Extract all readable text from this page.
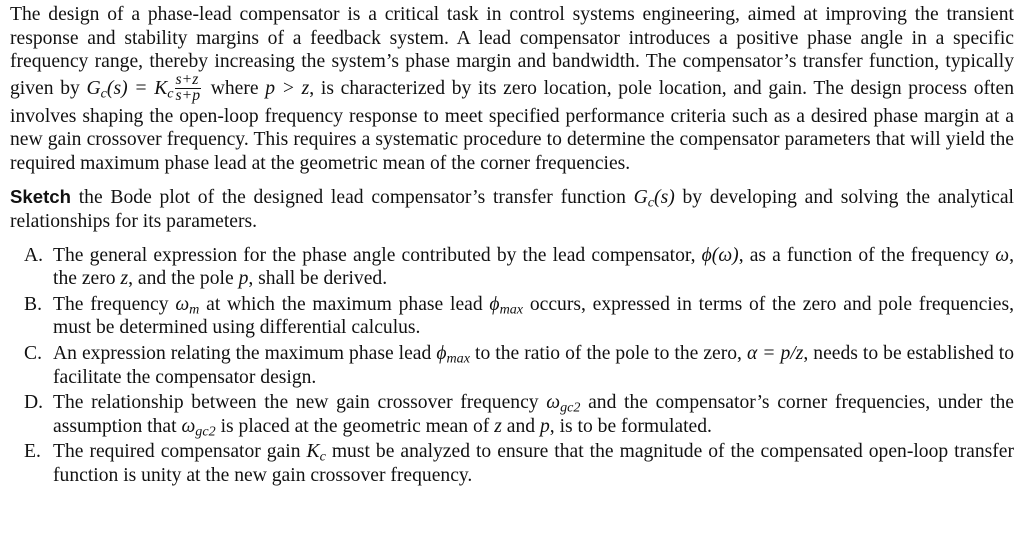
The design of a phase-lead compensator is a critical task in control systems engineering, aimed at improving the transient response and stability margins of a feedback system. A lead compensator introduces a positive phase angle in a specific frequency range, thereby increasing the system’s phase margin and bandwidth. The compensator’s transfer function, typically given by $G_c(s) = K_c \frac{s+z}{s+p}$ where p > z, is characterized by its zero location, pole location, and gain. The design process often involves shaping the open-loop frequency response to meet specified performance criteria such as a desired phase margin at a new gain crossover frequency. This requires a systematic procedure to determine the compensator parameters that will yield the required maximum phase lead at the geometric mean of the corner frequencies.

Sketch the Bode plot of the designed lead compensator’s transfer function $G_c(s)$ by developing and solving the analytical relationships for its parameters.

A. The general expression for the phase angle contributed by the lead compensator, ϕ(ω), as a function of the frequency ω, the zero z, and the pole p, shall be derived.
B. The frequency $\omega_m$ at which the maximum phase lead $\phi_{max}$ occurs, expressed in terms of the zero and pole frequencies, must be determined using differential calculus.
C. An expression relating the maximum phase lead $\phi_{max}$ to the ratio of the pole to the zero, α = p/z, needs to be established to facilitate the compensator design.
D. The relationship between the new gain crossover frequency $\omega_{gc2}$ and the compensator’s corner frequencies, under the assumption that $\omega_{gc2}$ is placed at the geometric mean of z and p, is to be formulated.
E. The required compensator gain $K_c$ must be analyzed to ensure that the magnitude of the compensated open-loop transfer function is unity at the new gain crossover frequency.
